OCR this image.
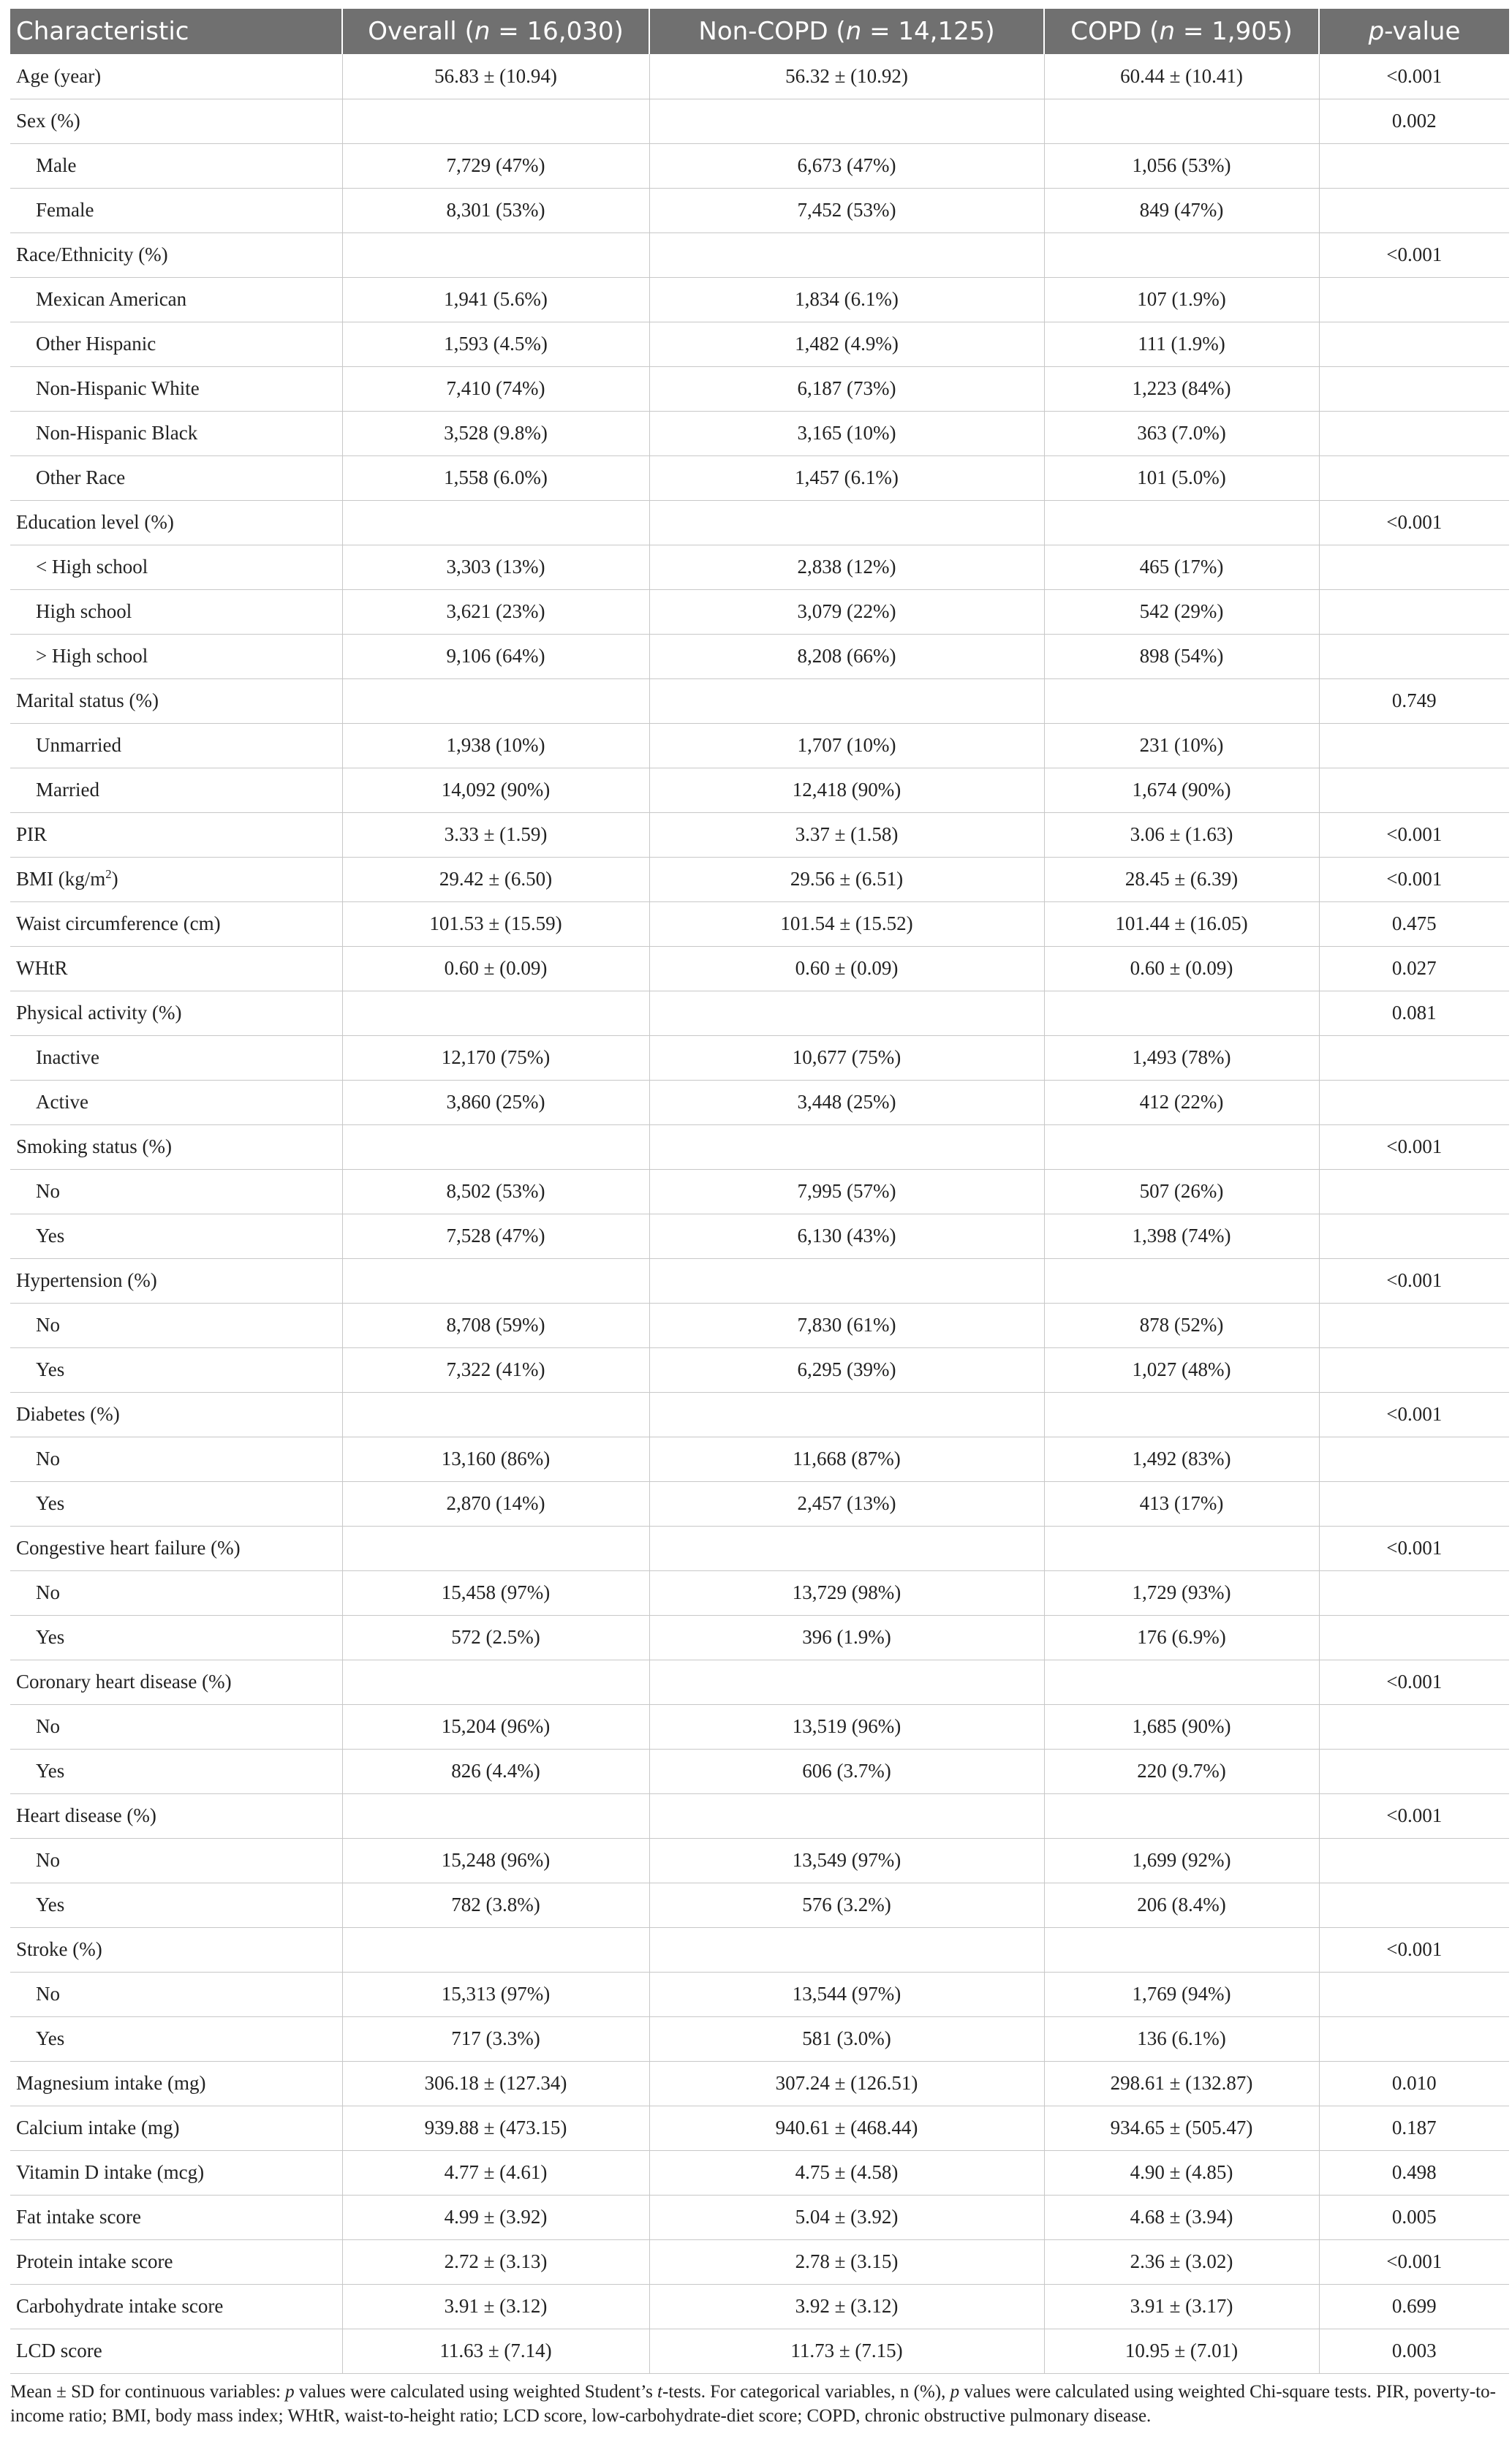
Characteristic	Overall (n = 16,030)	Non-COPD (n = 14,125)	COPD (n = 1,905)	p-value
Age (year)	56.83 ± (10.94)	56.32 ± (10.92)	60.44 ± (10.41)	<0.001
Sex (%)				0.002
Male	7,729 (47%)	6,673 (47%)	1,056 (53%)	
Female	8,301 (53%)	7,452 (53%)	849 (47%)	
Race/Ethnicity (%)				<0.001
Mexican American	1,941 (5.6%)	1,834 (6.1%)	107 (1.9%)	
Other Hispanic	1,593 (4.5%)	1,482 (4.9%)	111 (1.9%)	
Non-Hispanic White	7,410 (74%)	6,187 (73%)	1,223 (84%)	
Non-Hispanic Black	3,528 (9.8%)	3,165 (10%)	363 (7.0%)	
Other Race	1,558 (6.0%)	1,457 (6.1%)	101 (5.0%)	
Education level (%)				<0.001
< High school	3,303 (13%)	2,838 (12%)	465 (17%)	
High school	3,621 (23%)	3,079 (22%)	542 (29%)	
> High school	9,106 (64%)	8,208 (66%)	898 (54%)	
Marital status (%)				0.749
Unmarried	1,938 (10%)	1,707 (10%)	231 (10%)	
Married	14,092 (90%)	12,418 (90%)	1,674 (90%)	
PIR	3.33 ± (1.59)	3.37 ± (1.58)	3.06 ± (1.63)	<0.001
BMI $(kg/m^2)$	29.42 ± (6.50)	29.56 ± (6.51)	28.45 ± (6.39)	<0.001
Waist circumference (cm)	101.53 ± (15.59)	101.54 ± (15.52)	101.44 ± (16.05)	0.475
WHtR	0.60 ± (0.09)	0.60 ± (0.09)	0.60 ± (0.09)	0.027
Physical activity (%)				0.081
Inactive	12,170 (75%)	10,677 (75%)	1,493 (78%)	
Active	3,860 (25%)	3,448 (25%)	412 (22%)	
Smoking status (%)				<0.001
No	8,502 (53%)	7,995 (57%)	507 (26%)	
Yes	7,528 (47%)	6,130 (43%)	1,398 (74%)	
Hypertension (%)				<0.001
No	8,708 (59%)	7,830 (61%)	878 (52%)	
Yes	7,322 (41%)	6,295 (39%)	1,027 (48%)	
Diabetes (%)				<0.001
No	13,160 (86%)	11,668 (87%)	1,492 (83%)	
Yes	2,870 (14%)	2,457 (13%)	413 (17%)	
Congestive heart failure (%)				<0.001
No	15,458 (97%)	13,729 (98%)	1,729 (93%)	
Yes	572 (2.5%)	396 (1.9%)	176 (6.9%)	
Coronary heart disease (%)				<0.001
No	15,204 (96%)	13,519 (96%)	1,685 (90%)	
Yes	826 (4.4%)	606 (3.7%)	220 (9.7%)	
Heart disease (%)				<0.001
No	15,248 (96%)	13,549 (97%)	1,699 (92%)	
Yes	782 (3.8%)	576 (3.2%)	206 (8.4%)	
Stroke (%)				<0.001
No	15,313 (97%)	13,544 (97%)	1,769 (94%)	
Yes	717 (3.3%)	581 (3.0%)	136 (6.1%)	
Magnesium intake (mg)	306.18 ± (127.34)	307.24 ± (126.51)	298.61 ± (132.87)	0.010
Calcium intake (mg)	939.88 ± (473.15)	940.61 ± (468.44)	934.65 ± (505.47)	0.187
Vitamin D intake (mcg)	4.77 ± (4.61)	4.75 ± (4.58)	4.90 ± (4.85)	0.498
Fat intake score	4.99 ± (3.92)	5.04 ± (3.92)	4.68 ± (3.94)	0.005
Protein intake score	2.72 ± (3.13)	2.78 ± (3.15)	2.36 ± (3.02)	<0.001
Carbohydrate intake score	3.91 ± (3.12)	3.92 ± (3.12)	3.91 ± (3.17)	0.699
LCD score	11.63 ± (7.14)	11.73 ± (7.15)	10.95 ± (7.01)	0.003
Mean ± SD for continuous variables: p values were calculated using weighted Student’s t-tests. For categorical variables, n (%), p values were calculated using weighted Chi-square tests. PIR, poverty-to-income ratio; BMI, body mass index; WHtR, waist-to-height ratio; LCD score, low-carbohydrate-diet score; COPD, chronic obstructive pulmonary disease.
